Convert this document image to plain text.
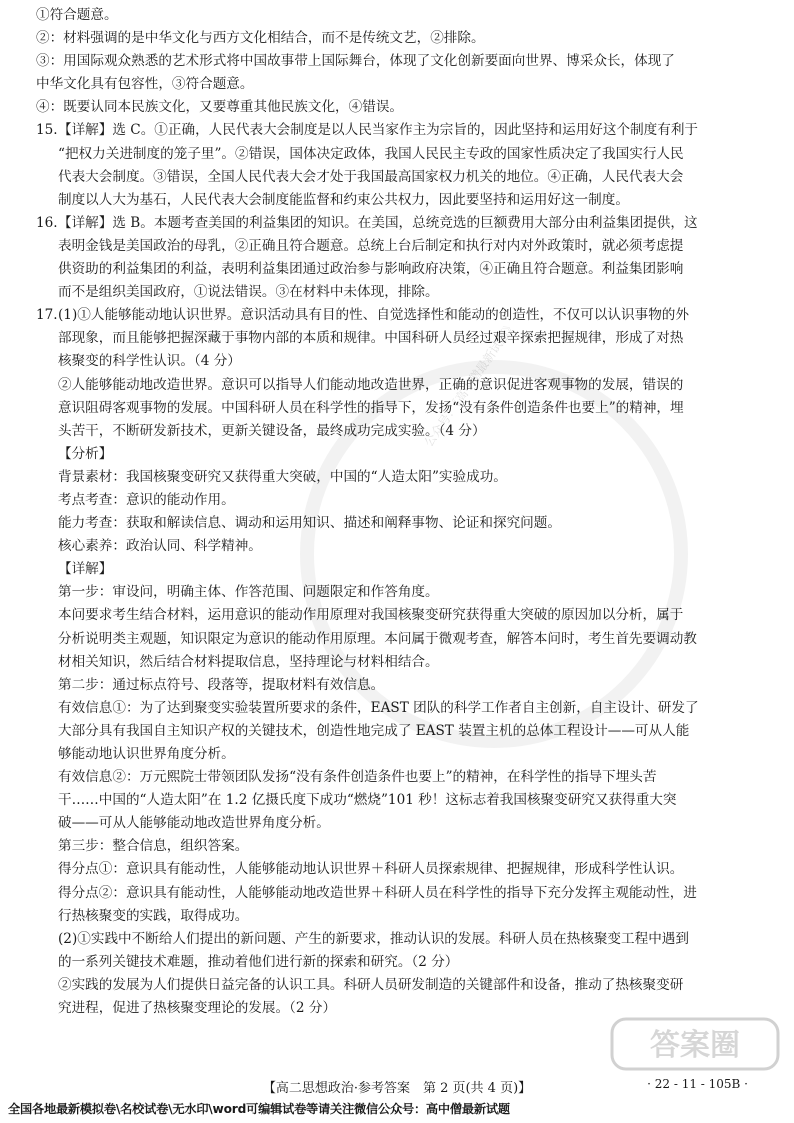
公众号：《高中僧最新试题》

①符合题意。

②：材料强调的是中华文化与西方文化相结合，而不是传统文艺，②排除。

③：用国际观众熟悉的艺术形式将中国故事带上国际舞台，体现了文化创新要面向世界、博采众长，体现了

中华文化具有包容性，③符合题意。

④：既要认同本民族文化，又要尊重其他民族文化，④错误。

15.【详解】选 C。①正确，人民代表大会制度是以人民当家作主为宗旨的，因此坚持和运用好这个制度有利于

“把权力关进制度的笼子里”。②错误，国体决定政体，我国人民民主专政的国家性质决定了我国实行人民

代表大会制度。③错误，全国人民代表大会才处于我国最高国家权力机关的地位。④正确，人民代表大会

制度以人大为基石，人民代表大会制度能监督和约束公共权力，因此要坚持和运用好这一制度。

16.【详解】选 B。本题考查美国的利益集团的知识。在美国，总统竞选的巨额费用大部分由利益集团提供，这

表明金钱是美国政治的母乳，②正确且符合题意。总统上台后制定和执行对内对外政策时，就必须考虑提

供资助的利益集团的利益，表明利益集团通过政治参与影响政府决策，④正确且符合题意。利益集团影响

而不是组织美国政府，①说法错误。③在材料中未体现，排除。

17.(1)①人能够能动地认识世界。意识活动具有目的性、自觉选择性和能动的创造性，不仅可以认识事物的外

部现象，而且能够把握深藏于事物内部的本质和规律。中国科研人员经过艰辛探索把握规律，形成了对热

核聚变的科学性认识。（4 分）

②人能够能动地改造世界。意识可以指导人们能动地改造世界，正确的意识促进客观事物的发展，错误的

意识阻碍客观事物的发展。中国科研人员在科学性的指导下，发扬“没有条件创造条件也要上”的精神，埋

头苦干，不断研发新技术，更新关键设备，最终成功完成实验。（4 分）

【分析】

背景素材：我国核聚变研究又获得重大突破，中国的“人造太阳”实验成功。

考点考查：意识的能动作用。

能力考查：获取和解读信息、调动和运用知识、描述和阐释事物、论证和探究问题。

核心素养：政治认同、科学精神。

【详解】

第一步：审设问，明确主体、作答范围、问题限定和作答角度。

本问要求考生结合材料，运用意识的能动作用原理对我国核聚变研究获得重大突破的原因加以分析，属于

分析说明类主观题，知识限定为意识的能动作用原理。本问属于微观考查，解答本问时，考生首先要调动教

材相关知识，然后结合材料提取信息，坚持理论与材料相结合。

第二步：通过标点符号、段落等，提取材料有效信息。

有效信息①：为了达到聚变实验装置所要求的条件，EAST 团队的科学工作者自主创新，自主设计、研发了

大部分具有我国自主知识产权的关键技术，创造性地完成了 EAST 装置主机的总体工程设计——可从人能

够能动地认识世界角度分析。

有效信息②：万元熙院士带领团队发扬“没有条件创造条件也要上”的精神，在科学性的指导下埋头苦

干……中国的“人造太阳”在 1.2 亿摄氏度下成功“燃烧”101 秒！这标志着我国核聚变研究又获得重大突

破——可从人能够能动地改造世界角度分析。

第三步：整合信息，组织答案。

得分点①：意识具有能动性，人能够能动地认识世界＋科研人员探索规律、把握规律，形成科学性认识。

得分点②：意识具有能动性，人能够能动地改造世界＋科研人员在科学性的指导下充分发挥主观能动性，进

行热核聚变的实践，取得成功。

(2)①实践中不断给人们提出的新问题、产生的新要求，推动认识的发展。科研人员在热核聚变工程中遇到

的一系列关键技术难题，推动着他们进行新的探索和研究。（2 分）

②实践的发展为人们提供日益完备的认识工具。科研人员研发制造的关键部件和设备，推动了热核聚变研

究进程，促进了热核聚变理论的发展。（2 分）

答案圈
【高二思想政治·参考答案　第 2 页(共 4 页)】	· 22 - 11 - 105B ·
全国各地最新模拟卷\名校试卷\无水印\word可编辑试卷等请关注微信公众号：高中僧最新试题
